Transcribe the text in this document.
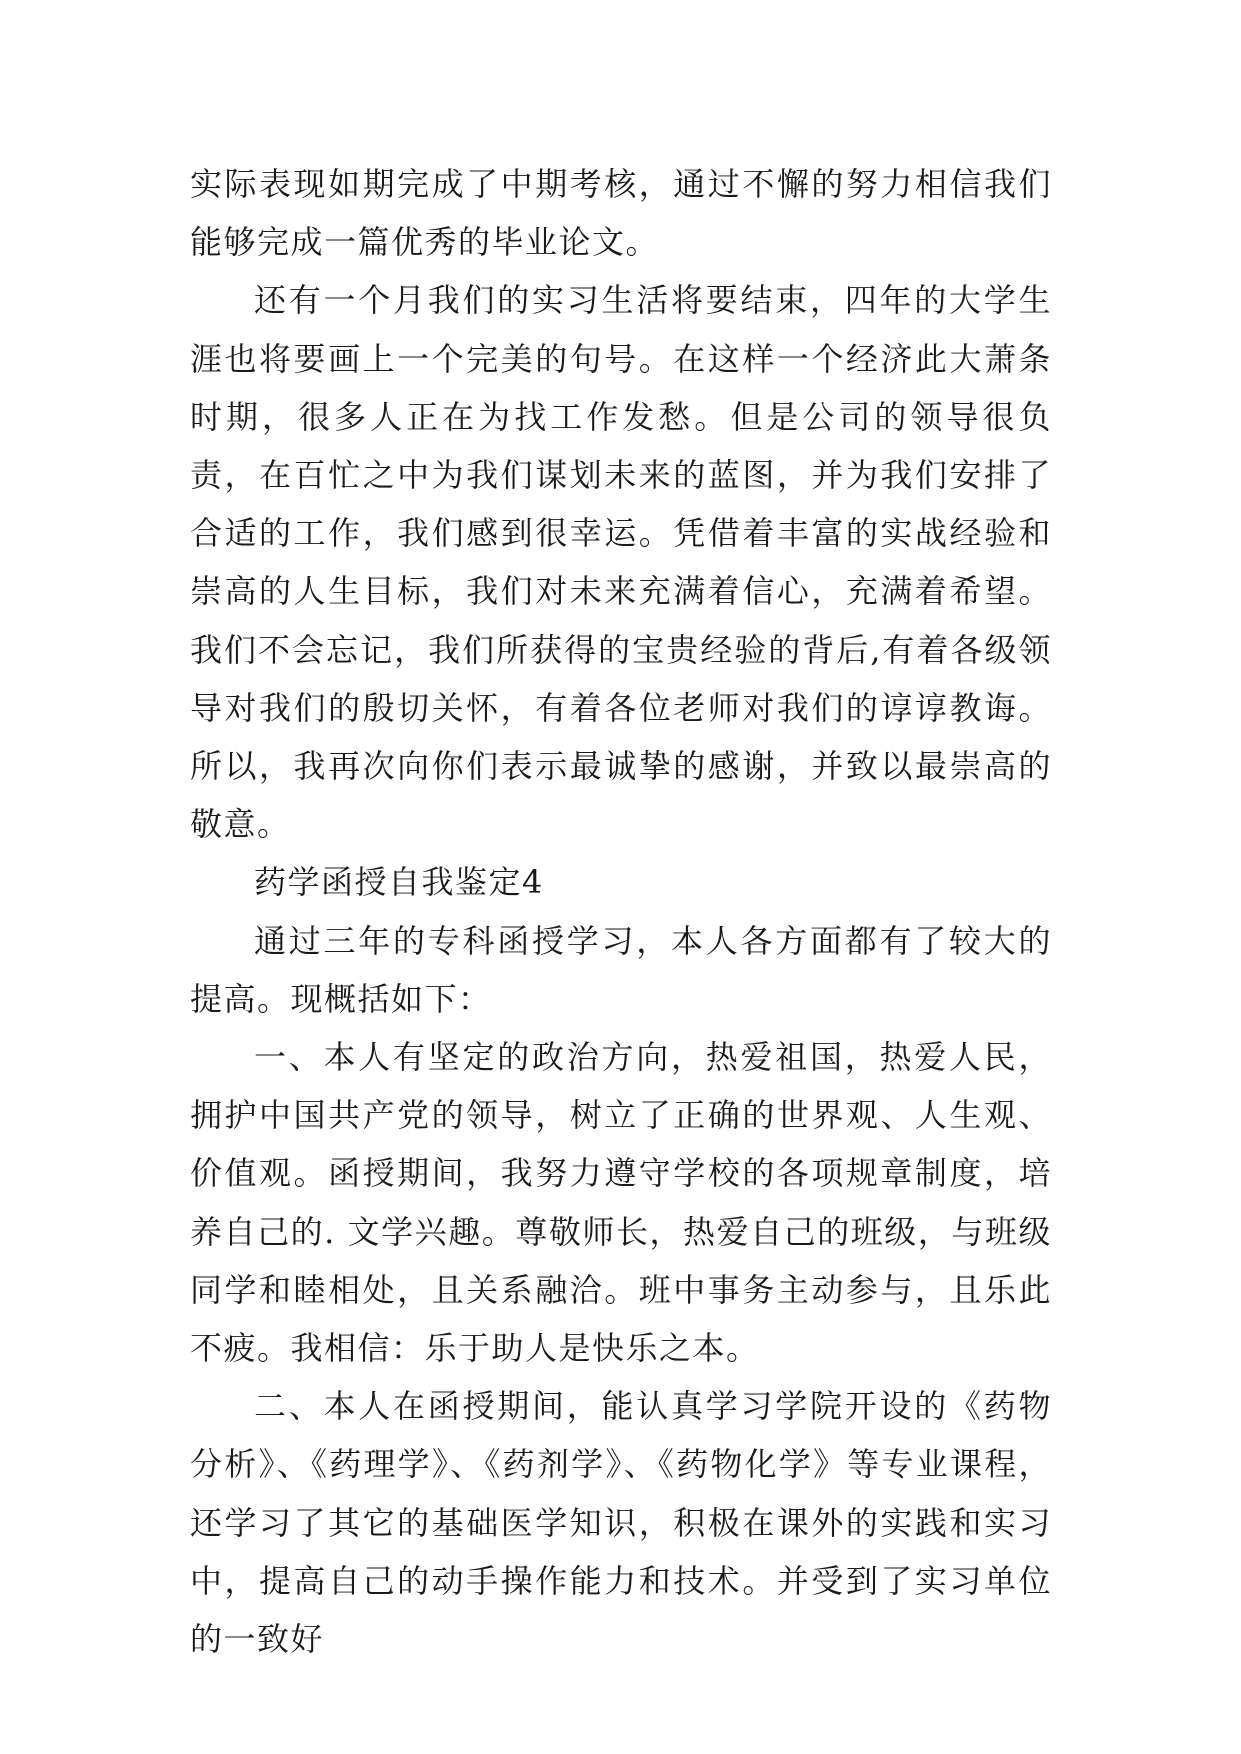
实际表现如期完成了中期考核，通过不懈的努力相信我们能够完成一篇优秀的毕业论文。

还有一个月我们的实习生活将要结束，四年的大学生涯也将要画上一个完美的句号。在这样一个经济此大萧条时期，很多人正在为找工作发愁。但是公司的领导很负责，在百忙之中为我们谋划未来的蓝图，并为我们安排了合适的工作，我们感到很幸运。凭借着丰富的实战经验和崇高的人生目标，我们对未来充满着信心，充满着希望。我们不会忘记，我们所获得的宝贵经验的背后,有着各级领导对我们的殷切关怀，有着各位老师对我们的谆谆教诲。所以，我再次向你们表示最诚挚的感谢，并致以最崇高的敬意。

药学函授自我鉴定4

通过三年的专科函授学习，本人各方面都有了较大的提高。现概括如下：

一、本人有坚定的政治方向，热爱祖国，热爱人民，拥护中国共产党的领导，树立了正确的世界观、人生观、价值观。函授期间，我努力遵守学校的各项规章制度，培养自己的. 文学兴趣。尊敬师长，热爱自己的班级，与班级同学和睦相处，且关系融洽。班中事务主动参与，且乐此不疲。我相信：乐于助人是快乐之本。

二、本人在函授期间，能认真学习学院开设的《药物分析》、《药理学》、《药剂学》、《药物化学》等专业课程，还学习了其它的基础医学知识，积极在课外的实践和实习中，提高自己的动手操作能力和技术。并受到了实习单位的一致好
